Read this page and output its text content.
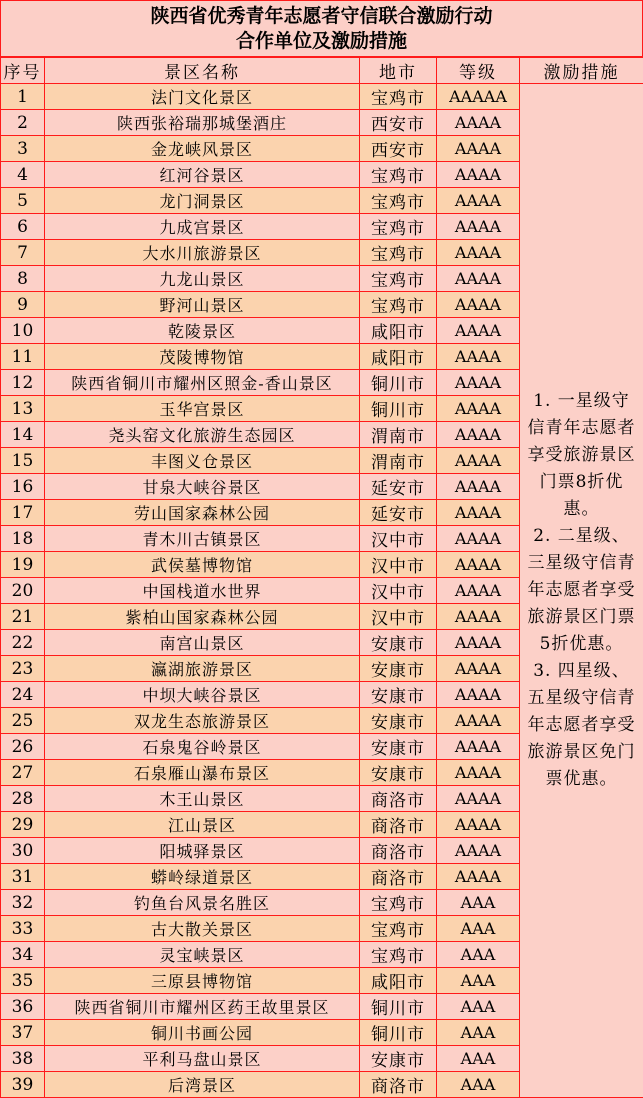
陕西省优秀青年志愿者守信联合激励行动
合作单位及激励措施
序号	景区名称	地市	等级	激励措施
1	法门文化景区	宝鸡市	AAAAA	1. 一星级守信青年志愿者享受旅游景区门票8折优惠。
2. 二星级、三星级守信青年志愿者享受旅游景区门票5折优惠。
3. 四星级、五星级守信青年志愿者享受旅游景区免门票优惠。

2	陕西张裕瑞那城堡酒庄	西安市	AAAA	
3	金龙峡风景区	西安市	AAAA	
4	红河谷景区	宝鸡市	AAAA	
5	龙门洞景区	宝鸡市	AAAA	
6	九成宫景区	宝鸡市	AAAA	
7	大水川旅游景区	宝鸡市	AAAA	
8	九龙山景区	宝鸡市	AAAA	
9	野河山景区	宝鸡市	AAAA	
10	乾陵景区	咸阳市	AAAA	
11	茂陵博物馆	咸阳市	AAAA	
12	陕西省铜川市耀州区照金-香山景区	铜川市	AAAA	
13	玉华宫景区	铜川市	AAAA	
14	尧头窑文化旅游生态园区	渭南市	AAAA	
15	丰图义仓景区	渭南市	AAAA	
16	甘泉大峡谷景区	延安市	AAAA	
17	劳山国家森林公园	延安市	AAAA	
18	青木川古镇景区	汉中市	AAAA	
19	武侯墓博物馆	汉中市	AAAA	
20	中国栈道水世界	汉中市	AAAA	
21	紫柏山国家森林公园	汉中市	AAAA	
22	南宫山景区	安康市	AAAA	
23	瀛湖旅游景区	安康市	AAAA	
24	中坝大峡谷景区	安康市	AAAA	
25	双龙生态旅游景区	安康市	AAAA	
26	石泉鬼谷岭景区	安康市	AAAA	
27	石泉雁山瀑布景区	安康市	AAAA	
28	木王山景区	商洛市	AAAA	
29	江山景区	商洛市	AAAA	
30	阳城驿景区	商洛市	AAAA	
31	蟒岭绿道景区	商洛市	AAAA	
32	钓鱼台风景名胜区	宝鸡市	AAA	
33	古大散关景区	宝鸡市	AAA	
34	灵宝峡景区	宝鸡市	AAA	
35	三原县博物馆	咸阳市	AAA	
36	陕西省铜川市耀州区药王故里景区	铜川市	AAA	
37	铜川书画公园	铜川市	AAA	
38	平利马盘山景区	安康市	AAA	
39	后湾景区	商洛市	AAA	
